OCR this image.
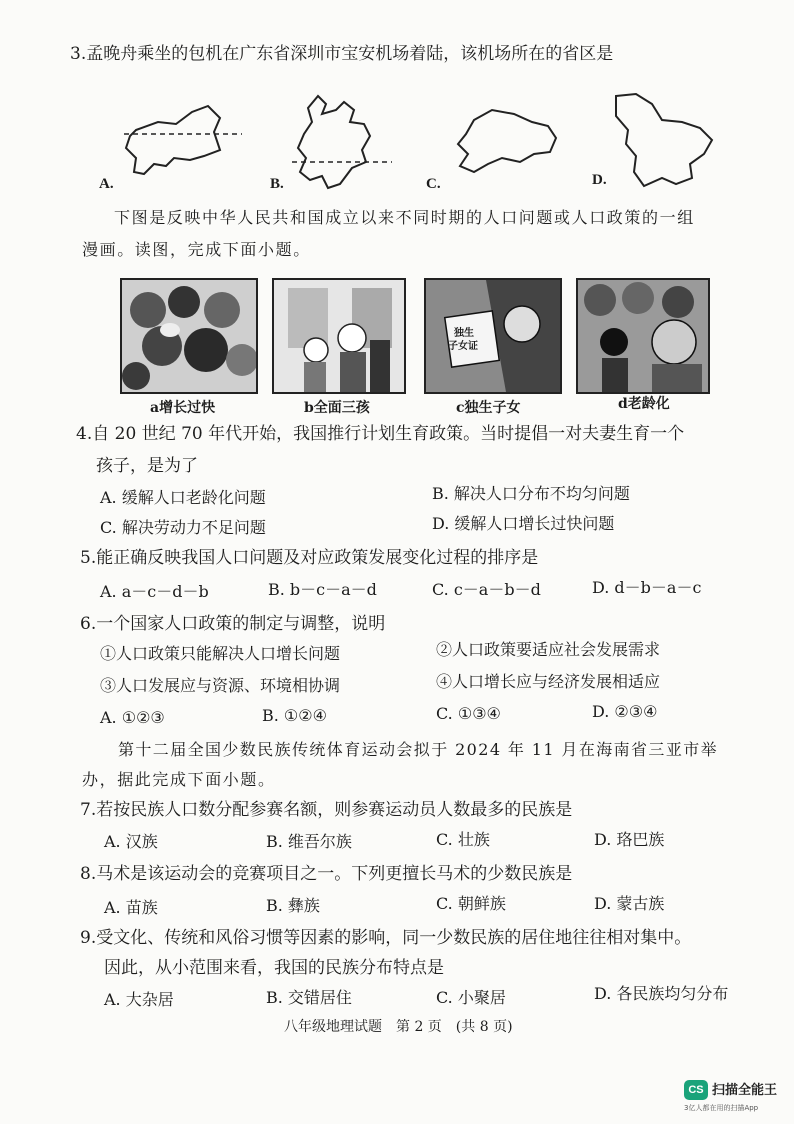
3.孟晚舟乘坐的包机在广东省深圳市宝安机场着陆，该机场所在的省区是
A.	B.	C.	D.
下图是反映中华人民共和国成立以来不同时期的人口问题或人口政策的一组
漫画。读图，完成下面小题。
独生
子女证
a增长过快	b全面三孩	c独生子女	d老龄化
4.自 20 世纪 70 年代开始，我国推行计划生育政策。当时提倡一对夫妻生育一个
孩子，是为了
A. 缓解人口老龄化问题	B. 解决人口分布不均匀问题
C. 解决劳动力不足问题	D. 缓解人口增长过快问题
5.能正确反映我国人口问题及对应政策发展变化过程的排序是
A. a－c－d－b	B. b－c－a－d	C. c－a－b－d	D. d－b－a－c
6.一个国家人口政策的制定与调整，说明
①人口政策只能解决人口增长问题	②人口政策要适应社会发展需求
③人口发展应与资源、环境相协调	④人口增长应与经济发展相适应
A. ①②③	B. ①②④	C. ①③④	D. ②③④
第十二届全国少数民族传统体育运动会拟于 2024 年 11 月在海南省三亚市举
办，据此完成下面小题。
7.若按民族人口数分配参赛名额，则参赛运动员人数最多的民族是
A. 汉族	B. 维吾尔族	C. 壮族	D. 珞巴族
8.马术是该运动会的竞赛项目之一。下列更擅长马术的少数民族是
A. 苗族	B. 彝族	C. 朝鲜族	D. 蒙古族
9.受文化、传统和风俗习惯等因素的影响，同一少数民族的居住地往往相对集中。
因此，从小范围来看，我国的民族分布特点是
A. 大杂居	B. 交错居住	C. 小聚居	D. 各民族均匀分布
八年级地理试题　第 2 页　(共 8 页)
CS 扫描全能王
3亿人都在用的扫描App
